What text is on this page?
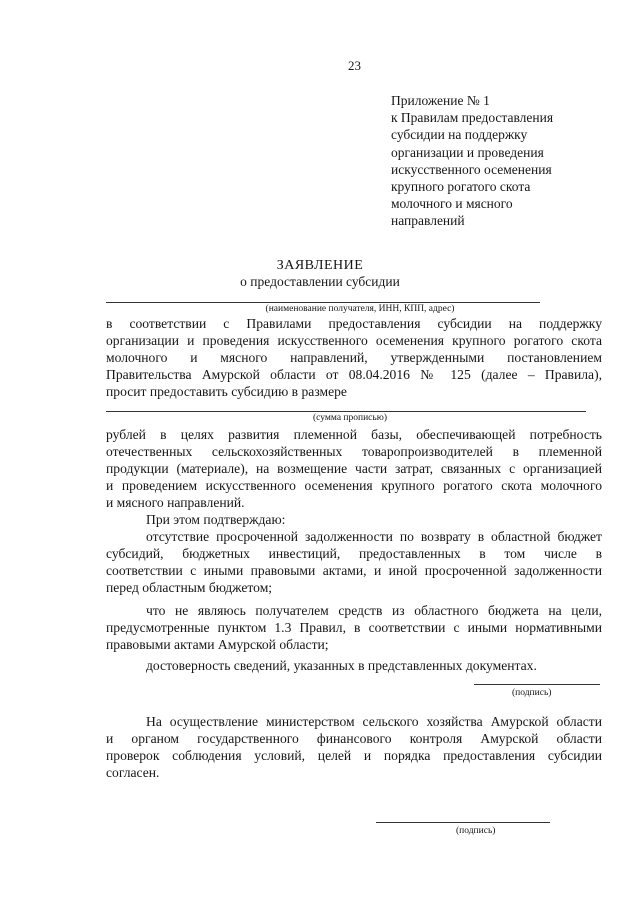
23
Приложение № 1
к Правилам предоставления
субсидии на поддержку
организации и проведения
искусственного осеменения
крупного рогатого скота
молочного и мясного
направлений
ЗАЯВЛЕНИЕ
о предоставлении субсидии
(наименование получателя, ИНН, КПП, адрес)
в соответствии с Правилами предоставления субсидии на поддержку
организации и проведения искусственного осеменения крупного рогатого скота
молочного и мясного направлений, утвержденными постановлением
Правительства Амурской области от 08.04.2016 № 125 (далее – Правила),
просит предоставить субсидию в размере
(сумма прописью)
рублей в целях развития племенной базы, обеспечивающей потребность
отечественных сельскохозяйственных товаропроизводителей в племенной
продукции (материале), на возмещение части затрат, связанных с организацией
и проведением искусственного осеменения крупного рогатого скота молочного
и мясного направлений.
При этом подтверждаю:
отсутствие просроченной задолженности по возврату в областной бюджет
субсидий, бюджетных инвестиций, предоставленных в том числе в
соответствии с иными правовыми актами, и иной просроченной задолженности
перед областным бюджетом;
что не являюсь получателем средств из областного бюджета на цели,
предусмотренные пунктом 1.3 Правил, в соответствии с иными нормативными
правовыми актами Амурской области;
достоверность сведений, указанных в представленных документах.
(подпись)
На осуществление министерством сельского хозяйства Амурской области
и органом государственного финансового контроля Амурской области
проверок соблюдения условий, целей и порядка предоставления субсидии
согласен.
(подпись)
